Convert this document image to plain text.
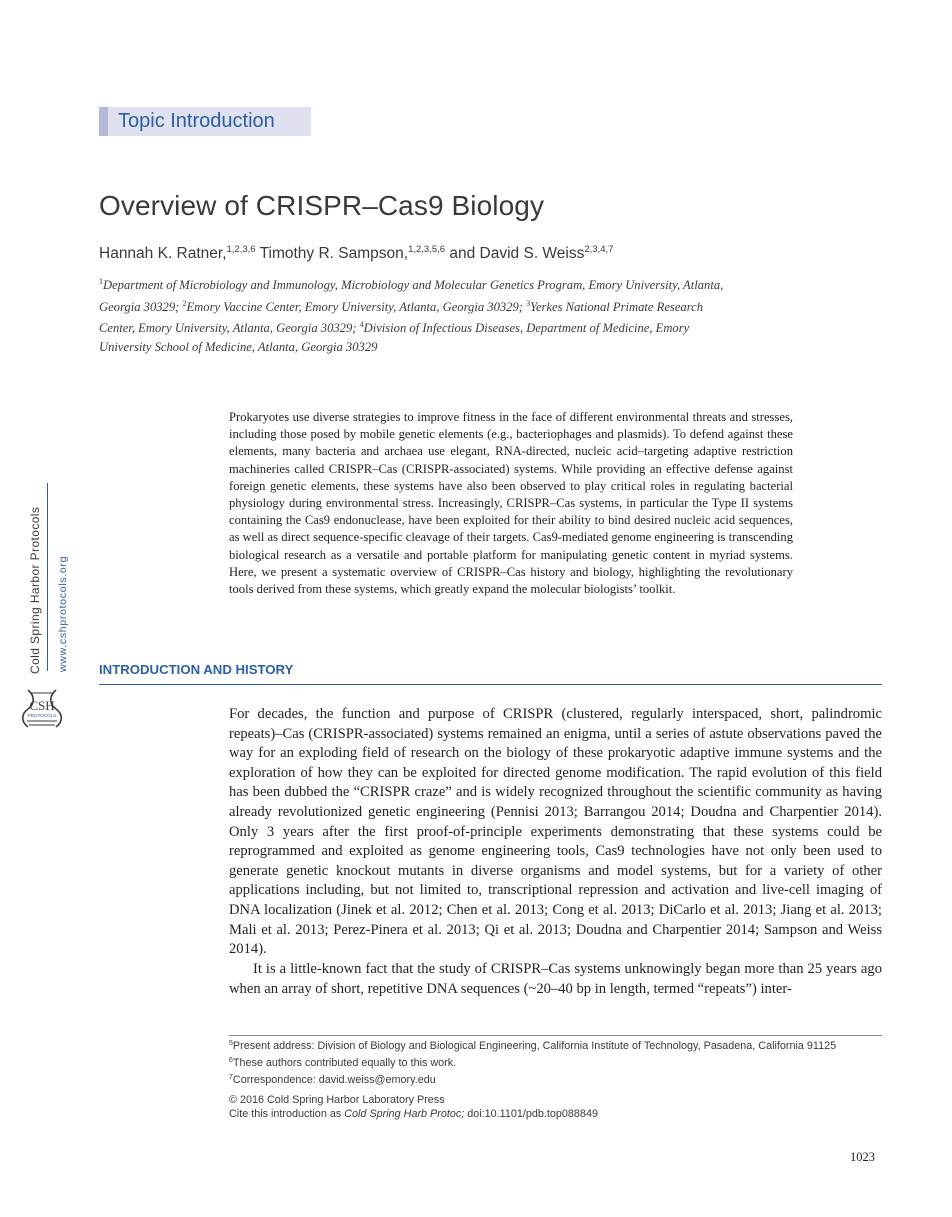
Topic Introduction
Overview of CRISPR–Cas9 Biology
Hannah K. Ratner,$^{1,2,3,6}$ Timothy R. Sampson,$^{1,2,3,5,6}$ and David S. Weiss$^{2,3,4,7}$

$^1$Department of Microbiology and Immunology, Microbiology and Molecular Genetics Program, Emory University, Atlanta, Georgia 30329; $^2$Emory Vaccine Center, Emory University, Atlanta, Georgia 30329; $^3$Yerkes National Primate Research Center, Emory University, Atlanta, Georgia 30329; $^4$Division of Infectious Diseases, Department of Medicine, Emory University School of Medicine, Atlanta, Georgia 30329

Prokaryotes use diverse strategies to improve fitness in the face of different environmental threats and stresses, including those posed by mobile genetic elements (e.g., bacteriophages and plasmids). To defend against these elements, many bacteria and archaea use elegant, RNA-directed, nucleic acid–targeting adaptive restriction machineries called CRISPR–Cas (CRISPR-associated) systems. While providing an effective defense against foreign genetic elements, these systems have also been observed to play critical roles in regulating bacterial physiology during environmental stress. Increasingly, CRISPR–Cas systems, in particular the Type II systems containing the Cas9 endonuclease, have been exploited for their ability to bind desired nucleic acid sequences, as well as direct sequence-specific cleavage of their targets. Cas9-mediated genome engineering is transcending biological research as a versatile and portable platform for manipulating genetic content in myriad systems. Here, we present a systematic overview of CRISPR–Cas history and biology, highlighting the revolutionary tools derived from these systems, which greatly expand the molecular biologists’ toolkit.

Cold Spring Harbor Protocols www.cshprotocols.org
CSH
PROTOCOLS
INTRODUCTION AND HISTORY

For decades, the function and purpose of CRISPR (clustered, regularly interspaced, short, palindromic repeats)–Cas (CRISPR-associated) systems remained an enigma, until a series of astute observations paved the way for an exploding field of research on the biology of these prokaryotic adaptive immune systems and the exploration of how they can be exploited for directed genome modification. The rapid evolution of this field has been dubbed the “CRISPR craze” and is widely recognized throughout the scientific community as having already revolutionized genetic engineering (Pennisi 2013; Barrangou 2014; Doudna and Charpentier 2014). Only 3 years after the first proof-of-principle experiments demonstrating that these systems could be reprogrammed and exploited as genome engineering tools, Cas9 technologies have not only been used to generate genetic knockout mutants in diverse organisms and model systems, but for a variety of other applications including, but not limited to, transcriptional repression and activation and live-cell imaging of DNA localization (Jinek et al. 2012; Chen et al. 2013; Cong et al. 2013; DiCarlo et al. 2013; Jiang et al. 2013; Mali et al. 2013; Perez-Pinera et al. 2013; Qi et al. 2013; Doudna and Charpentier 2014; Sampson and Weiss 2014).

It is a little-known fact that the study of CRISPR–Cas systems unknowingly began more than 25 years ago when an array of short, repetitive DNA sequences (~20–40 bp in length, termed “repeats”) inter-

$^5$Present address: Division of Biology and Biological Engineering, California Institute of Technology, Pasadena, California 91125
$^6$These authors contributed equally to this work.
$^7$Correspondence: david.weiss@emory.edu
© 2016 Cold Spring Harbor Laboratory Press
Cite this introduction as Cold Spring Harb Protoc; doi:10.1101/pdb.top088849
1023
